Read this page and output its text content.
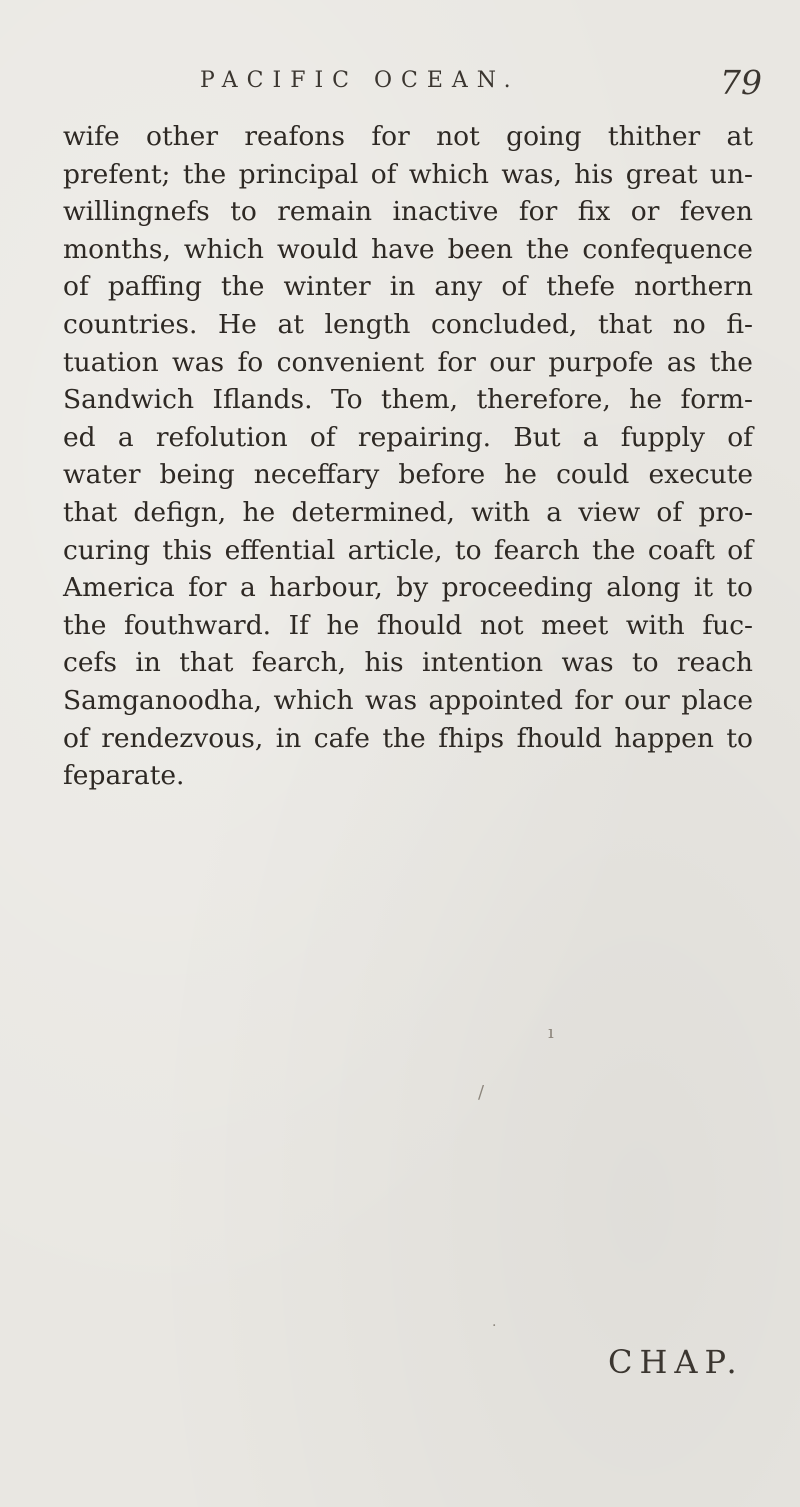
PACIFIC OCEAN.	79
wife other reafons for not going thither at
prefent; the principal of which was, his great un-
willingnefs to remain inactive for fix or feven
months, which would have been the confequence
of paffing the winter in any of thefe northern
countries. He at length concluded, that no fi-
tuation was fo convenient for our purpofe as the
Sandwich Iflands. To them, therefore, he form-
ed a refolution of repairing. But a fupply of
water being neceffary before he could execute
that defign, he determined, with a view of pro-
curing this effential article, to fearch the coaft of
America for a harbour, by proceeding along it to
the fouthward. If he fhould not meet with fuc-
cefs in that fearch, his intention was to reach
Samganoodha, which was appointed for our place
of rendezvous, in cafe the fhips fhould happen to
feparate.
/
ı
·
CHAP.
